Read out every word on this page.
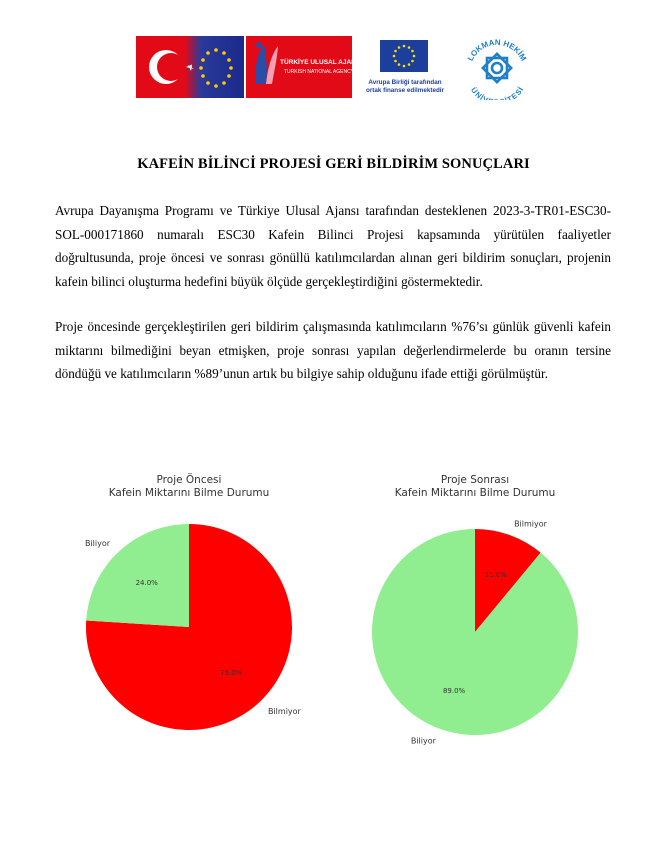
TÜRKİYE ULUSAL AJANSI
TURKISH NATIONAL AGENCY
Avrupa Birliği tarafından
ortak finanse edilmektedir
LOKMAN HEKİM
ÜNİV TESİ
KAFEİN BİLİNCİ PROJESİ GERİ BİLDİRİM SONUÇLARI

Avrupa Dayanışma Programı ve Türkiye Ulusal Ajansı tarafından desteklenen 2023-3-TR01-ESC30-SOL-000171860 numaralı ESC30 Kafein Bilinci Projesi kapsamında yürütülen faaliyetler doğrultusunda, proje öncesi ve sonrası gönüllü katılımcılardan alınan geri bildirim sonuçları, projenin kafein bilinci oluşturma hedefini büyük ölçüde gerçekleştirdiğini göstermektedir.

Proje öncesinde gerçekleştirilen geri bildirim çalışmasında katılımcıların %76’sı günlük güvenli kafein miktarını bilmediğini beyan etmişken, proje sonrası yapılan değerlendirmelerde bu oranın tersine döndüğü ve katılımcıların %89’unun artık bu bilgiye sahip olduğunu ifade ettiği görülmüştür.

Proje Öncesi
Kafein Miktarını Bilme Durumu
76.0%
Bilmiyor
24.0%
Biliyor
Proje Sonrası
Kafein Miktarını Bilme Durumu
11.0%
Bilmiyor
89.0%
Biliyor
